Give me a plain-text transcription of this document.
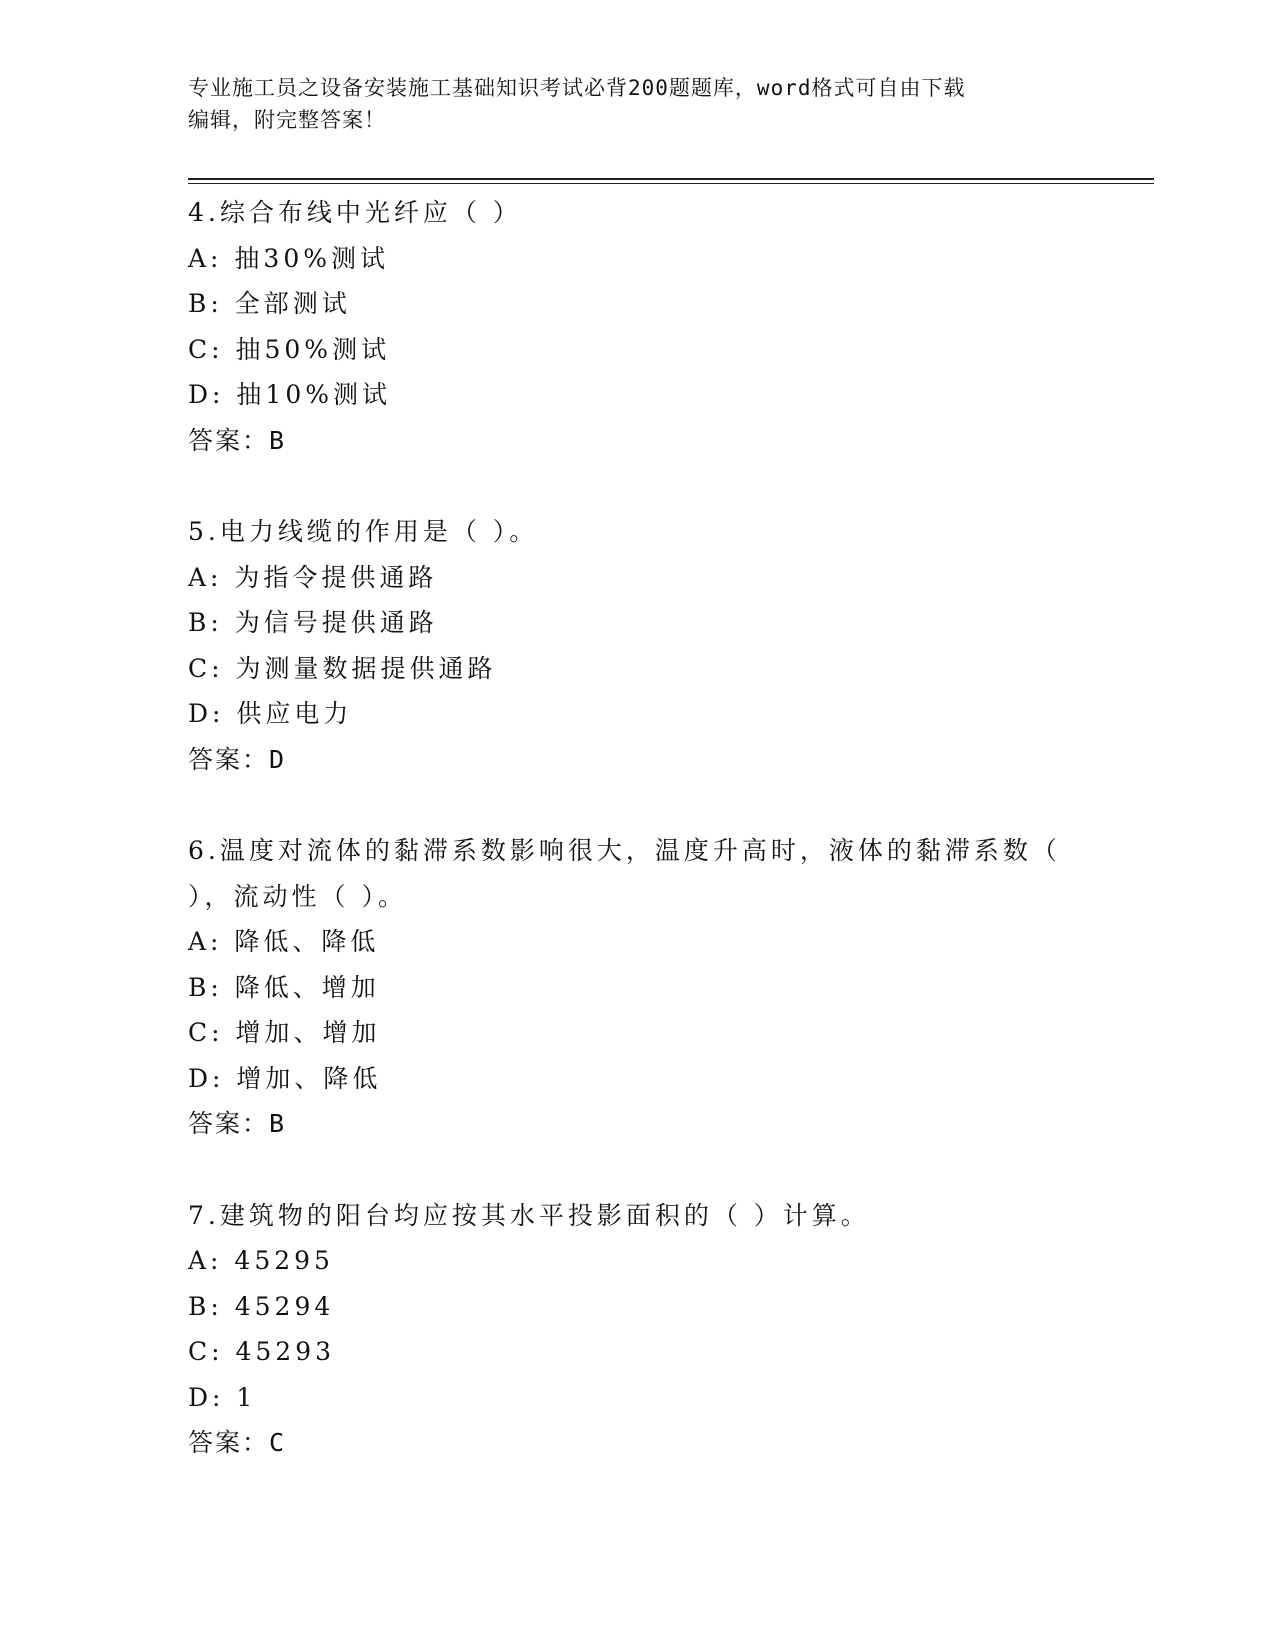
专业施工员之设备安装施工基础知识考试必背200题题库，word格式可自由下载
编辑，附完整答案！

4.综合布线中光纤应（ ）

A: 抽30%测试

B: 全部测试

C: 抽50%测试

D: 抽10%测试

答案：B

5.电力线缆的作用是（ ）。

A: 为指令提供通路

B: 为信号提供通路

C: 为测量数据提供通路

D: 供应电力

答案：D

6.温度对流体的黏滞系数影响很大，温度升高时，液体的黏滞系数（

），流动性（ ）。

A: 降低、降低

B: 降低、增加

C: 增加、增加

D: 增加、降低

答案：B

7.建筑物的阳台均应按其水平投影面积的（ ）计算。

A: 45295

B: 45294

C: 45293

D: 1

答案：C
